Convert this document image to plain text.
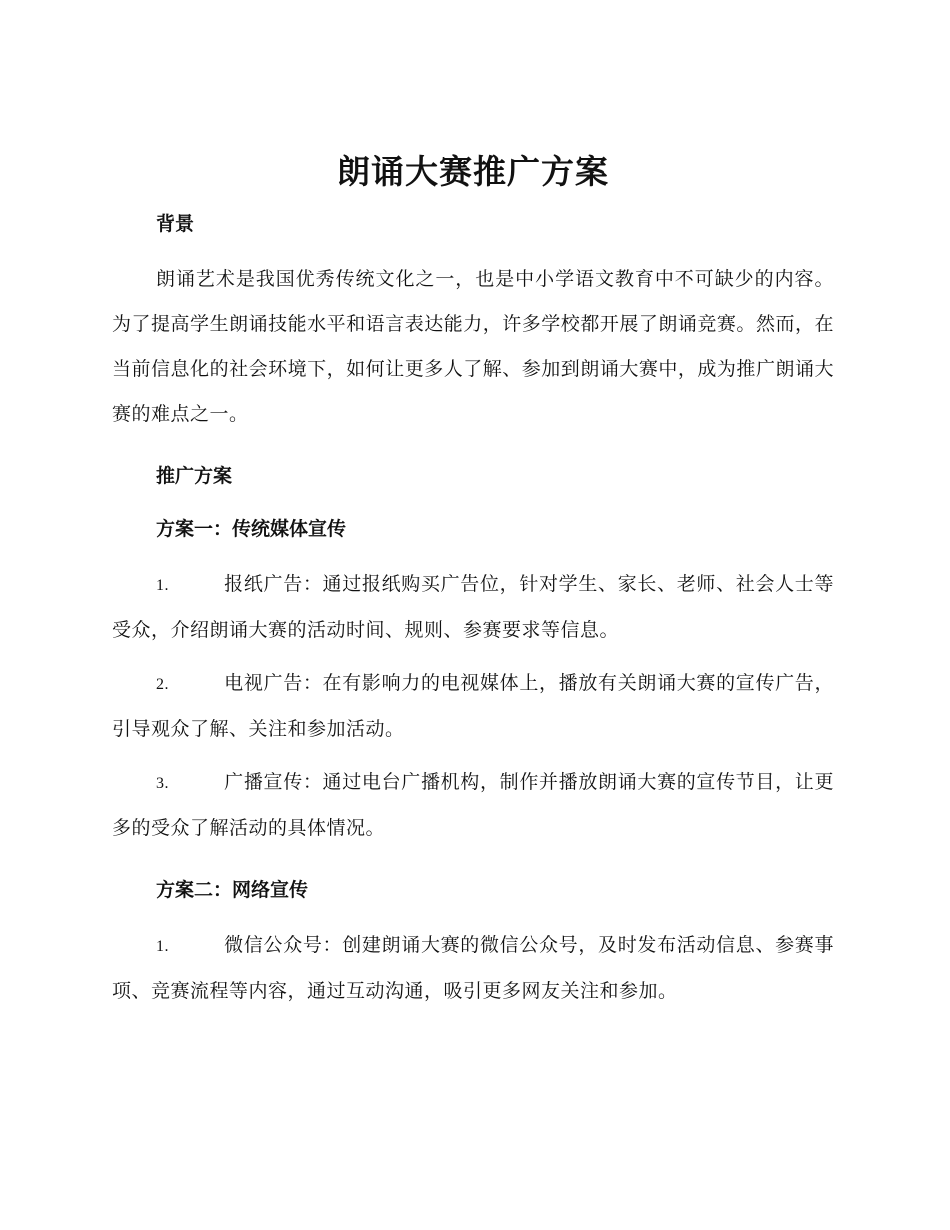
朗诵大赛推广方案

背景

朗诵艺术是我国优秀传统文化之一，也是中小学语文教育中不可缺少的内容。为了提高学生朗诵技能水平和语言表达能力，许多学校都开展了朗诵竞赛。然而，在当前信息化的社会环境下，如何让更多人了解、参加到朗诵大赛中，成为推广朗诵大赛的难点之一。

推广方案

方案一：传统媒体宣传

1.	报纸广告：通过报纸购买广告位，针对学生、家长、老师、社会人士等受众，介绍朗诵大赛的活动时间、规则、参赛要求等信息。

2.	电视广告：在有影响力的电视媒体上，播放有关朗诵大赛的宣传广告，引导观众了解、关注和参加活动。

3.	广播宣传：通过电台广播机构，制作并播放朗诵大赛的宣传节目，让更多的受众了解活动的具体情况。

方案二：网络宣传

1.	微信公众号：创建朗诵大赛的微信公众号，及时发布活动信息、参赛事项、竞赛流程等内容，通过互动沟通，吸引更多网友关注和参加。
